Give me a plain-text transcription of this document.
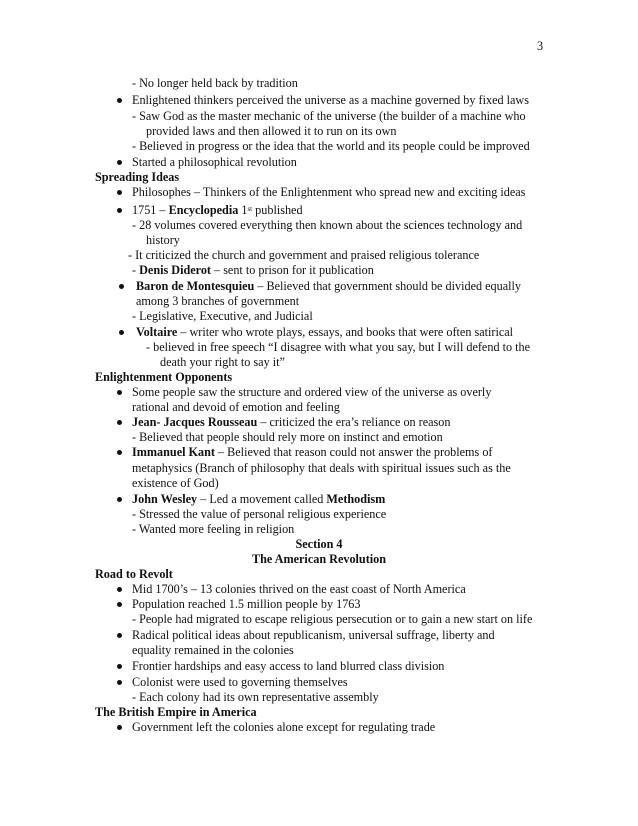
3
- No longer held back by tradition
Enlightened thinkers perceived the universe as a machine governed by fixed laws
- Saw God as the master mechanic of the universe (the builder of a machine who
provided laws and then allowed it to run on its own
- Believed in progress or the idea that the world and its people could be improved
Started a philosophical revolution
Spreading Ideas
Philosophes – Thinkers of the Enlightenment who spread new and exciting ideas
1751 – Encyclopedia 1st published
- 28 volumes covered everything then known about the sciences technology and
history
- It criticized the church and government and praised religious tolerance
- Denis Diderot – sent to prison for it publication
Baron de Montesquieu – Believed that government should be divided equally
among 3 branches of government
- Legislative, Executive, and Judicial
Voltaire – writer who wrote plays, essays, and books that were often satirical
- believed in free speech “I disagree with what you say, but I will defend to the
death your right to say it”
Enlightenment Opponents
Some people saw the structure and ordered view of the universe as overly
rational and devoid of emotion and feeling
Jean- Jacques Rousseau – criticized the era’s reliance on reason
- Believed that people should rely more on instinct and emotion
Immanuel Kant – Believed that reason could not answer the problems of
metaphysics (Branch of philosophy that deals with spiritual issues such as the
existence of God)
John Wesley – Led a movement called Methodism
- Stressed the value of personal religious experience
- Wanted more feeling in religion
Section 4
The American Revolution
Road to Revolt
Mid 1700’s – 13 colonies thrived on the east coast of North America
Population reached 1.5 million people by 1763
- People had migrated to escape religious persecution or to gain a new start on life
Radical political ideas about republicanism, universal suffrage, liberty and
equality remained in the colonies
Frontier hardships and easy access to land blurred class division
Colonist were used to governing themselves
- Each colony had its own representative assembly
The British Empire in America
Government left the colonies alone except for regulating trade
